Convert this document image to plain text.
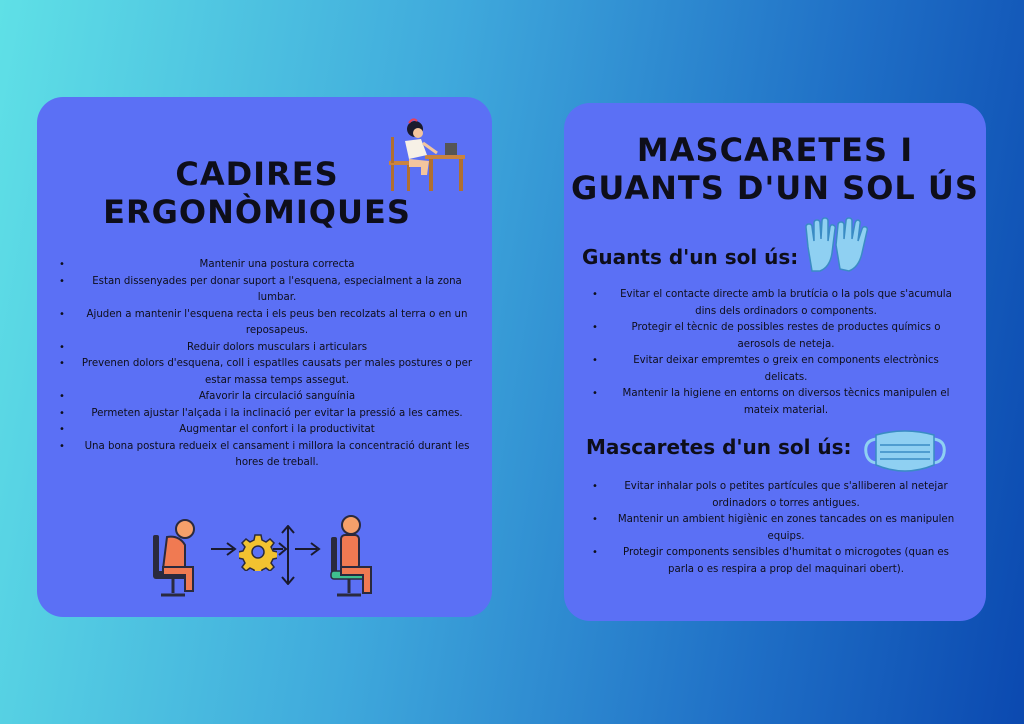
CADIRES
ERGONÒMIQUES
• Mantenir una postura correcta
• Estan dissenyades per donar suport a l'esquena, especialment a la zona lumbar.
• Ajuden a mantenir l'esquena recta i els peus ben recolzats al terra o en un reposapeus.
• Reduir dolors musculars i articulars
• Prevenen dolors d'esquena, coll i espatlles causats per males postures o per estar massa temps assegut.
• Afavorir la circulació sanguínia
• Permeten ajustar l'alçada i la inclinació per evitar la pressió a les cames.
• Augmentar el confort i la productivitat
• Una bona postura redueix el cansament i millora la concentració durant les hores de treball.
MASCARETES I
GUANTS D'UN SOL ÚS
Guants d'un sol ús:
• Evitar el contacte directe amb la brutícia o la pols que s'acumula dins dels ordinadors o components.
• Protegir el tècnic de possibles restes de productes químics o aerosols de neteja.
• Evitar deixar empremtes o greix en components electrònics delicats.
• Mantenir la higiene en entorns on diversos tècnics manipulen el mateix material.
Mascaretes d'un sol ús:
• Evitar inhalar pols o petites partícules que s'alliberen al netejar ordinadors o torres antigues.
• Mantenir un ambient higiènic en zones tancades on es manipulen equips.
• Protegir components sensibles d'humitat o microgotes (quan es parla o es respira a prop del maquinari obert).
